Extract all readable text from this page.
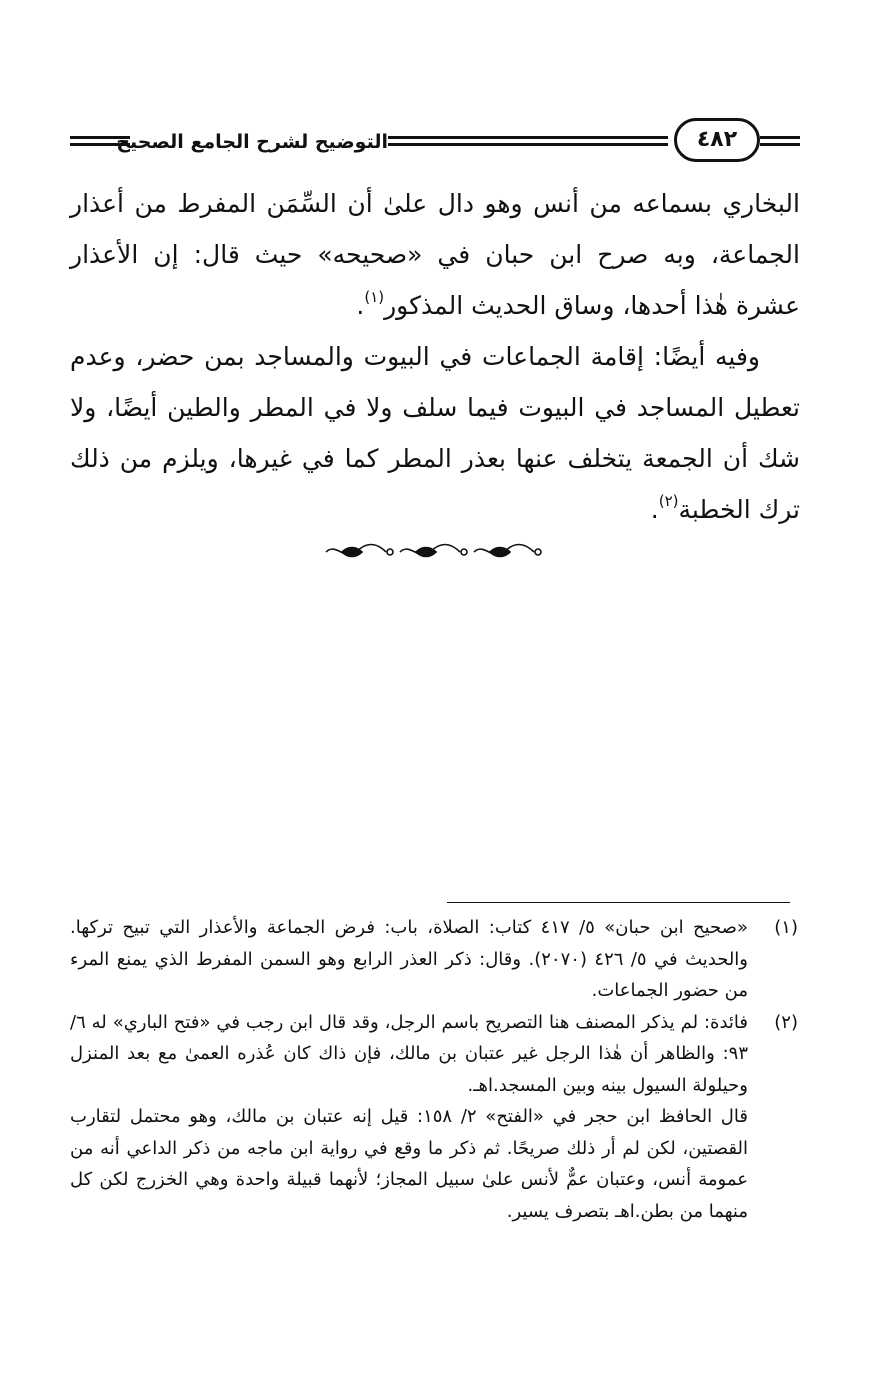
التوضيح لشرح الجامع الصحيح	٤٨٢

البخاري بسماعه من أنس وهو دال علىٰ أن السِّمَن المفرط من أعذار الجماعة، وبه صرح ابن حبان في «صحيحه» حيث قال: إن الأعذار عشرة هٰذا أحدها، وساق الحديث المذكور$^{(١)}$.

وفيه أيضًا: إقامة الجماعات في البيوت والمساجد بمن حضر، وعدم تعطيل المساجد في البيوت فيما سلف ولا في المطر والطين أيضًا، ولا شك أن الجمعة يتخلف عنها بعذر المطر كما في غيرها، ويلزم من ذلك ترك الخطبة$^{(٢)}$.

(١)

«صحيح ابن حبان» ٥/ ٤١٧ كتاب: الصلاة، باب: فرض الجماعة والأعذار التي تبيح تركها. والحديث في ٥/ ٤٢٦ (٢٠٧٠). وقال: ذكر العذر الرابع وهو السمن المفرط الذي يمنع المرء من حضور الجماعات.

(٢)

فائدة: لم يذكر المصنف هنا التصريح باسم الرجل، وقد قال ابن رجب في «فتح الباري» له ٦/ ٩٣: والظاهر أن هٰذا الرجل غير عتبان بن مالك، فإن ذاك كان عُذره العمىٰ مع بعد المنزل وحيلولة السيول بينه وبين المسجد.اهـ.

قال الحافظ ابن حجر في «الفتح» ٢/ ١٥٨: قيل إنه عتبان بن مالك، وهو محتمل لتقارب القصتين، لكن لم أر ذلك صريحًا. ثم ذكر ما وقع في رواية ابن ماجه من ذكر الداعي أنه من عمومة أنس، وعتبان عمٌّ لأنس علىٰ سبيل المجاز؛ لأنهما قبيلة واحدة وهي الخزرج لكن كل منهما من بطن.اهـ بتصرف يسير.
